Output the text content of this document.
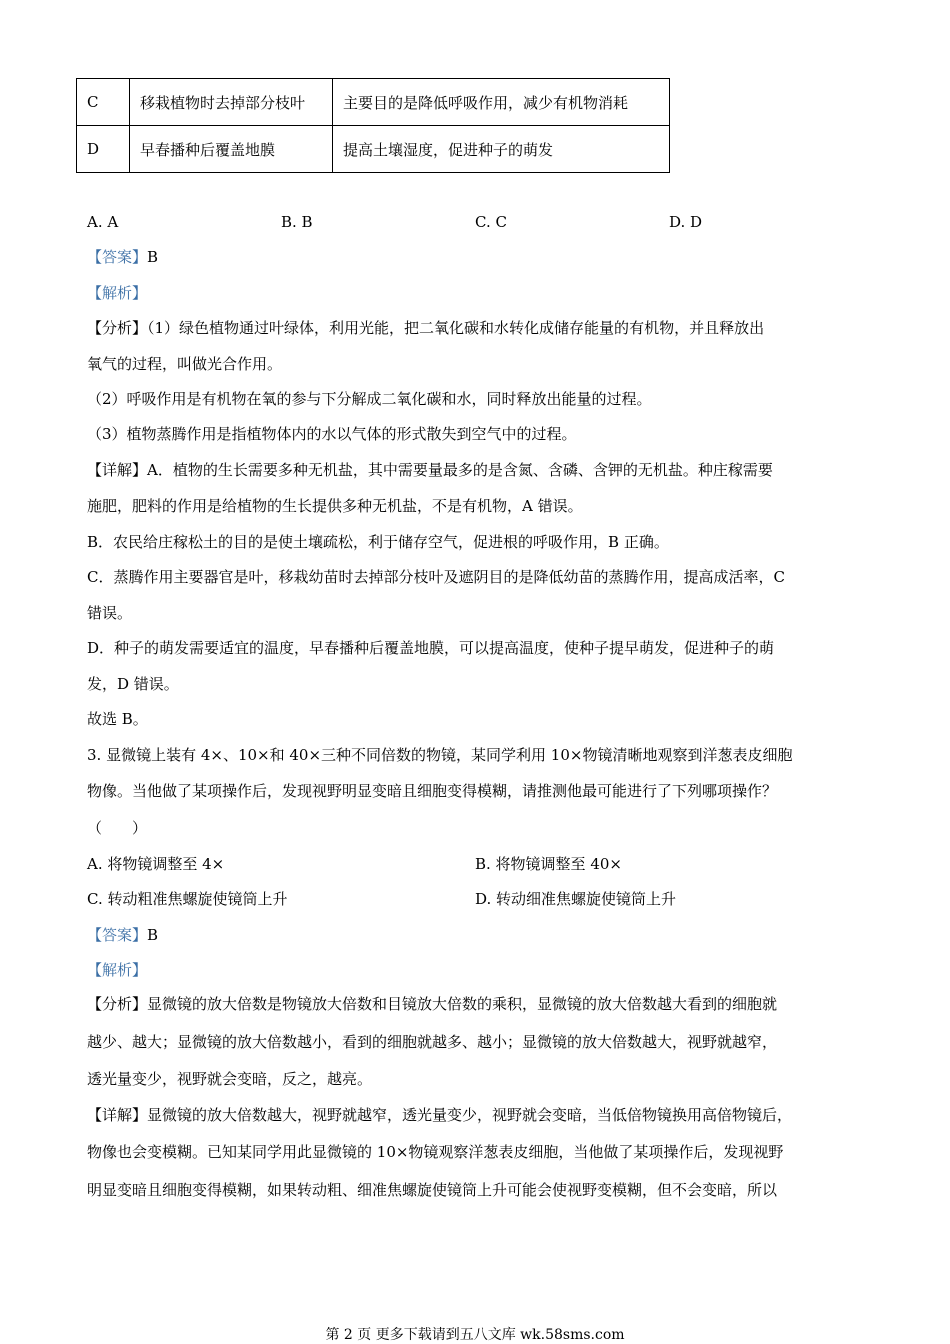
C	移栽植物时去掉部分枝叶	主要目的是降低呼吸作用，减少有机物消耗
D	早春播种后覆盖地膜	提高土壤湿度，促进种子的萌发
A. A	B. B	C. C	D. D
【答案】B
【解析】
【分析】（1）绿色植物通过叶绿体，利用光能，把二氧化碳和水转化成储存能量的有机物，并且释放出
氧气的过程，叫做光合作用。
（2）呼吸作用是有机物在氧的参与下分解成二氧化碳和水，同时释放出能量的过程。
（3）植物蒸腾作用是指植物体内的水以气体的形式散失到空气中的过程。
【详解】A．植物的生长需要多种无机盐，其中需要量最多的是含氮、含磷、含钾的无机盐。种庄稼需要
施肥，肥料的作用是给植物的生长提供多种无机盐，不是有机物，A 错误。
B．农民给庄稼松土的目的是使土壤疏松，利于储存空气，促进根的呼吸作用，B 正确。
C．蒸腾作用主要器官是叶，移栽幼苗时去掉部分枝叶及遮阴目的是降低幼苗的蒸腾作用，提高成活率，C
错误。
D．种子的萌发需要适宜的温度，早春播种后覆盖地膜，可以提高温度，使种子提早萌发，促进种子的萌
发，D 错误。
故选 B。
3. 显微镜上装有 4×、10×和 40×三种不同倍数的物镜，某同学利用 10×物镜清晰地观察到洋葱表皮细胞
物像。当他做了某项操作后，发现视野明显变暗且细胞变得模糊，请推测他最可能进行了下列哪项操作？
（　　）
A. 将物镜调整至 4×	B. 将物镜调整至 40×
C. 转动粗准焦螺旋使镜筒上升	D. 转动细准焦螺旋使镜筒上升
【答案】B
【解析】
【分析】显微镜的放大倍数是物镜放大倍数和目镜放大倍数的乘积，显微镜的放大倍数越大看到的细胞就
越少、越大；显微镜的放大倍数越小，看到的细胞就越多、越小；显微镜的放大倍数越大，视野就越窄，
透光量变少，视野就会变暗，反之，越亮。
【详解】显微镜的放大倍数越大，视野就越窄，透光量变少，视野就会变暗，当低倍物镜换用高倍物镜后，
物像也会变模糊。已知某同学用此显微镜的 10×物镜观察洋葱表皮细胞，当他做了某项操作后，发现视野
明显变暗且细胞变得模糊，如果转动粗、细准焦螺旋使镜筒上升可能会使视野变模糊，但不会变暗，所以
第 2 页 更多下载请到五八文库 wk.58sms.com
